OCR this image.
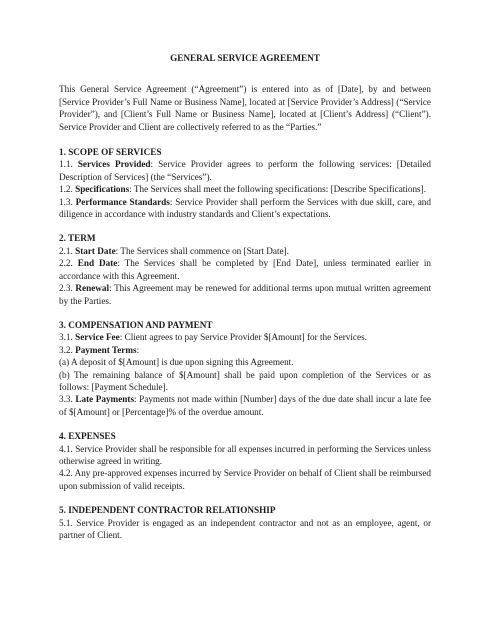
GENERAL SERVICE AGREEMENT

This General Service Agreement (“Agreement”) is entered into as of [Date], by and between [Service Provider’s Full Name or Business Name], located at [Service Provider’s Address] (“Service Provider”), and [Client’s Full Name or Business Name], located at [Client’s Address] (“Client”). Service Provider and Client are collectively referred to as the “Parties.”

1. SCOPE OF SERVICES

1.1. Services Provided: Service Provider agrees to perform the following services: [Detailed Description of Services] (the “Services”).

1.2. Specifications: The Services shall meet the following specifications: [Describe Specifications].

1.3. Performance Standards: Service Provider shall perform the Services with due skill, care, and diligence in accordance with industry standards and Client’s expectations.

2. TERM

2.1. Start Date: The Services shall commence on [Start Date].

2.2. End Date: The Services shall be completed by [End Date], unless terminated earlier in accordance with this Agreement.

2.3. Renewal: This Agreement may be renewed for additional terms upon mutual written agreement by the Parties.

3. COMPENSATION AND PAYMENT

3.1. Service Fee: Client agrees to pay Service Provider $[Amount] for the Services.

3.2. Payment Terms:

(a) A deposit of $[Amount] is due upon signing this Agreement.

(b) The remaining balance of $[Amount] shall be paid upon completion of the Services or as follows: [Payment Schedule].

3.3. Late Payments: Payments not made within [Number] days of the due date shall incur a late fee of $[Amount] or [Percentage]% of the overdue amount.

4. EXPENSES

4.1. Service Provider shall be responsible for all expenses incurred in performing the Services unless otherwise agreed in writing.

4.2. Any pre-approved expenses incurred by Service Provider on behalf of Client shall be reimbursed upon submission of valid receipts.

5. INDEPENDENT CONTRACTOR RELATIONSHIP

5.1. Service Provider is engaged as an independent contractor and not as an employee, agent, or partner of Client.
